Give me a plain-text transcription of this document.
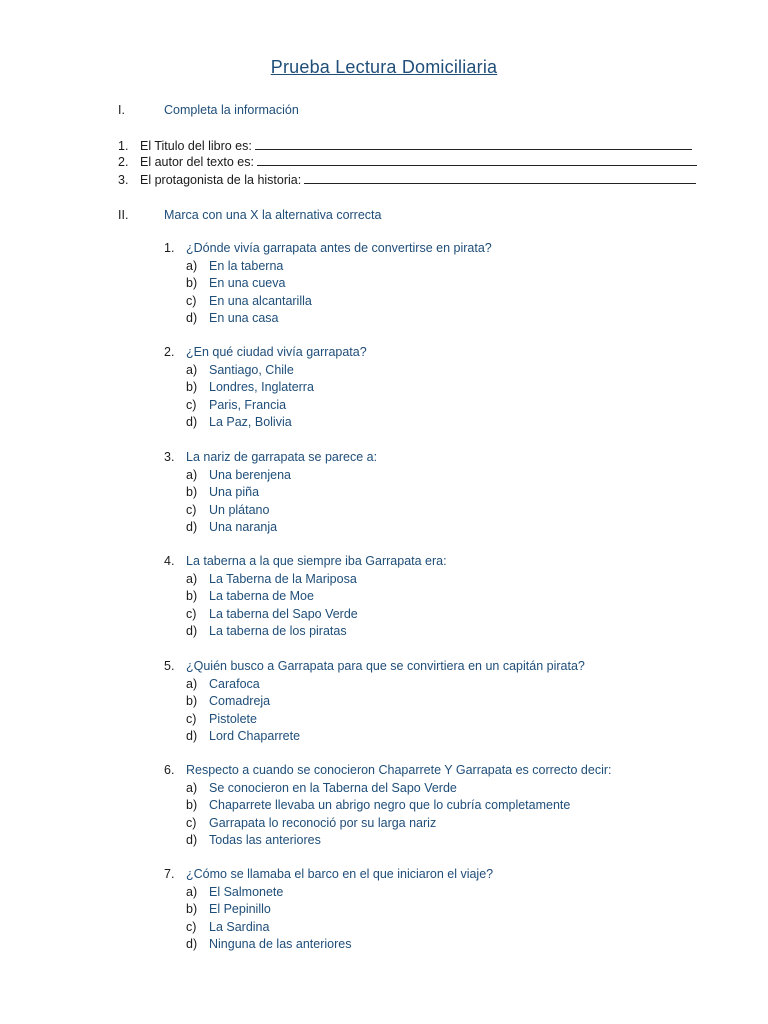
Prueba Lectura Domiciliaria
I.	Completa la información
1. El Titulo del libro es:
2. El autor del texto es:
3. El protagonista de la historia:
II.	Marca con una X la alternativa correcta
1. ¿Dónde vivía garrapata antes de convertirse en pirata?
a) En la taberna
b) En una cueva
c) En una alcantarilla
d) En una casa
2. ¿En qué ciudad vivía garrapata?
a) Santiago, Chile
b) Londres, Inglaterra
c) Paris, Francia
d) La Paz, Bolivia
3. La nariz de garrapata se parece a:
a) Una berenjena
b) Una piña
c) Un plátano
d) Una naranja
4. La taberna a la que siempre iba Garrapata era:
a) La Taberna de la Mariposa
b) La taberna de Moe
c) La taberna del Sapo Verde
d) La taberna de los piratas
5. ¿Quién busco a Garrapata para que se convirtiera en un capitán pirata?
a) Carafoca
b) Comadreja
c) Pistolete
d) Lord Chaparrete
6. Respecto a cuando se conocieron Chaparrete Y Garrapata es correcto decir:
a) Se conocieron en la Taberna del Sapo Verde
b) Chaparrete llevaba un abrigo negro que lo cubría completamente
c) Garrapata lo reconoció por su larga nariz
d) Todas las anteriores
7. ¿Cómo se llamaba el barco en el que iniciaron el viaje?
a) El Salmonete
b) El Pepinillo
c) La Sardina
d) Ninguna de las anteriores
